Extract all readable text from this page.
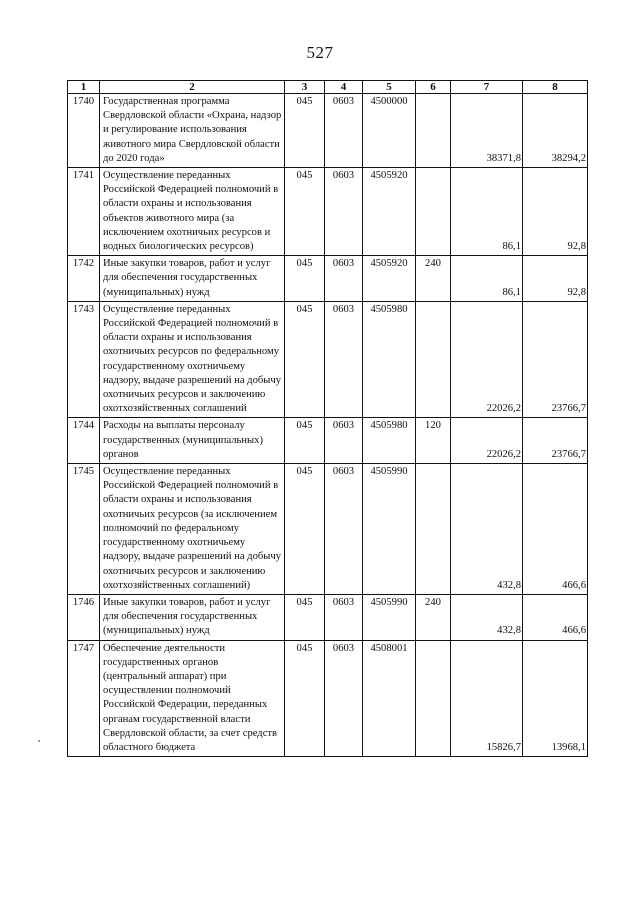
527
1	2	3	4	5	6	7	8
1740	Государственная программа Свердловской области «Охрана, надзор и регулирование использования животного мира Свердловской области до 2020 года»	045	0603	4500000		38371,8	38294,2
1741	Осуществление переданных Российской Федерацией полномочий в области охраны и использования объектов животного мира (за исключением охотничьих ресурсов и водных биологических ресурсов)	045	0603	4505920		86,1	92,8
1742	Иные закупки товаров, работ и услуг для обеспечения государственных (муниципальных) нужд	045	0603	4505920	240	86,1	92,8
1743	Осуществление переданных Российской Федерацией полномочий в области охраны и использования охотничьих ресурсов по федеральному государственному охотничьему надзору, выдаче разрешений на добычу охотничьих ресурсов и заключению охотхозяйственных соглашений	045	0603	4505980		22026,2	23766,7
1744	Расходы на выплаты персоналу государственных (муниципальных) органов	045	0603	4505980	120	22026,2	23766,7
1745	Осуществление переданных Российской Федерацией полномочий в области охраны и использования охотничьих ресурсов (за исключением полномочий по федеральному государственному охотничьему надзору, выдаче разрешений на добычу охотничьих ресурсов и заключению охотхозяйственных соглашений)	045	0603	4505990		432,8	466,6
1746	Иные закупки товаров, работ и услуг для обеспечения государственных (муниципальных) нужд	045	0603	4505990	240	432,8	466,6
1747	Обеспечение деятельности государственных органов (центральный аппарат) при осуществлении полномочий Российской Федерации, переданных органам государственной власти Свердловской области, за счет средств областного бюджета	045	0603	4508001		15826,7	13968,1
